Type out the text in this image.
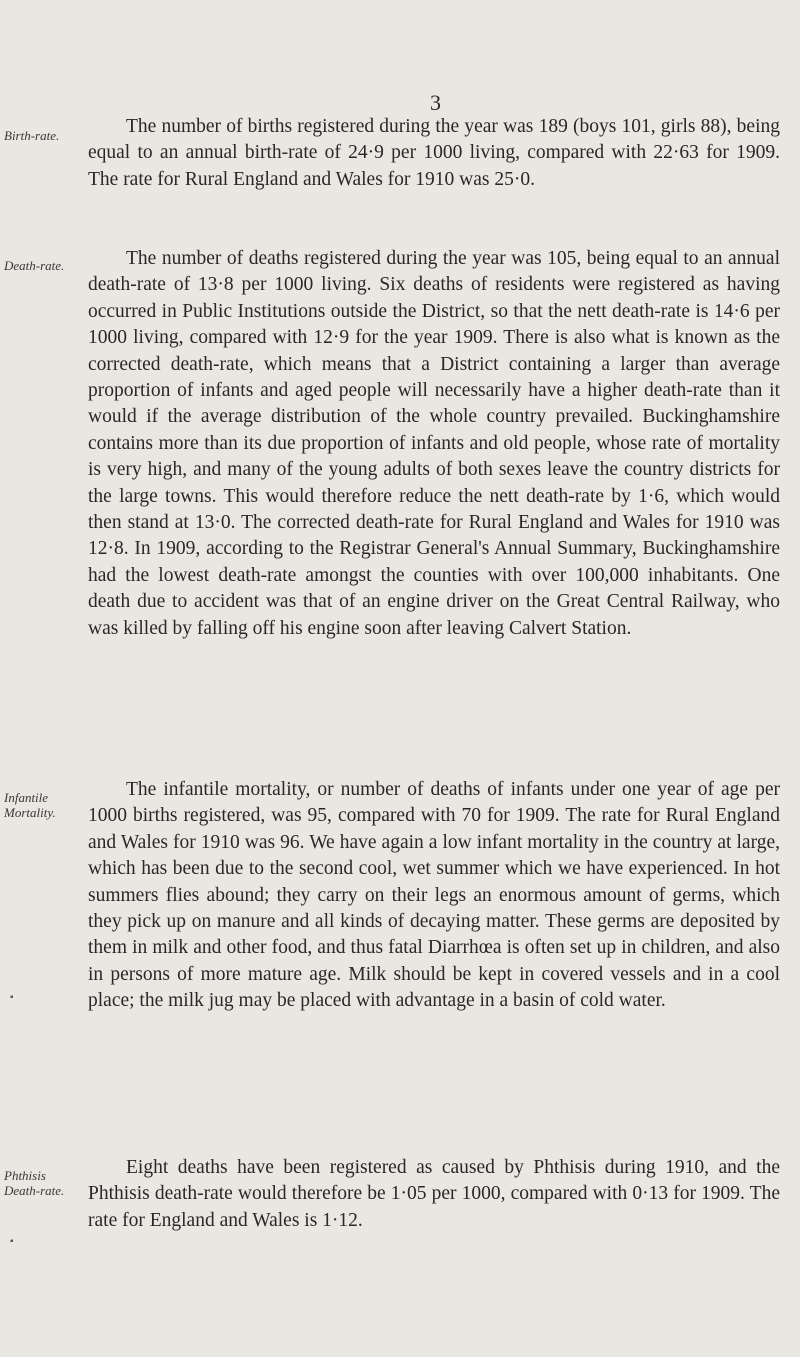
3
Birth-rate.	The number of births registered during the year was 189 (boys 101, girls 88), being equal to an annual birth-rate of 24·9 per 1000 living, compared with 22·63 for 1909. The rate for Rural England and Wales for 1910 was 25·0.

Death-rate.	The number of deaths registered during the year was 105, being equal to an annual death-rate of 13·8 per 1000 living. Six deaths of residents were registered as having occurred in Public Institutions outside the District, so that the nett death-rate is 14·6 per 1000 living, compared with 12·9 for the year 1909. There is also what is known as the corrected death-rate, which means that a District containing a larger than average proportion of infants and aged people will necessarily have a higher death-rate than it would if the average distribution of the whole country prevailed. Buckinghamshire contains more than its due proportion of infants and old people, whose rate of mortality is very high, and many of the young adults of both sexes leave the country districts for the large towns. This would therefore reduce the nett death-rate by 1·6, which would then stand at 13·0. The corrected death-rate for Rural England and Wales for 1910 was 12·8. In 1909, according to the Registrar General's Annual Summary, Buckinghamshire had the lowest death-rate amongst the counties with over 100,000 inhabitants. One death due to accident was that of an engine driver on the Great Central Railway, who was killed by falling off his engine soon after leaving Calvert Station.

Infantile
Mortality.

The infantile mortality, or number of deaths of infants under one year of age per 1000 births registered, was 95, compared with 70 for 1909. The rate for Rural England and Wales for 1910 was 96. We have again a low infant mortality in the country at large, which has been due to the second cool, wet summer which we have experienced. In hot summers flies abound; they carry on their legs an enormous amount of germs, which they pick up on manure and all kinds of decaying matter. These germs are deposited by them in milk and other food, and thus fatal Diarrhœa is often set up in children, and also in persons of more mature age. Milk should be kept in covered vessels and in a cool place; the milk jug may be placed with advantage in a basin of cold water.

▪
Phthisis
Death-rate.

Eight deaths have been registered as caused by Phthisis during 1910, and the Phthisis death-rate would therefore be 1·05 per 1000, compared with 0·13 for 1909. The rate for England and Wales is 1·12.

▪
